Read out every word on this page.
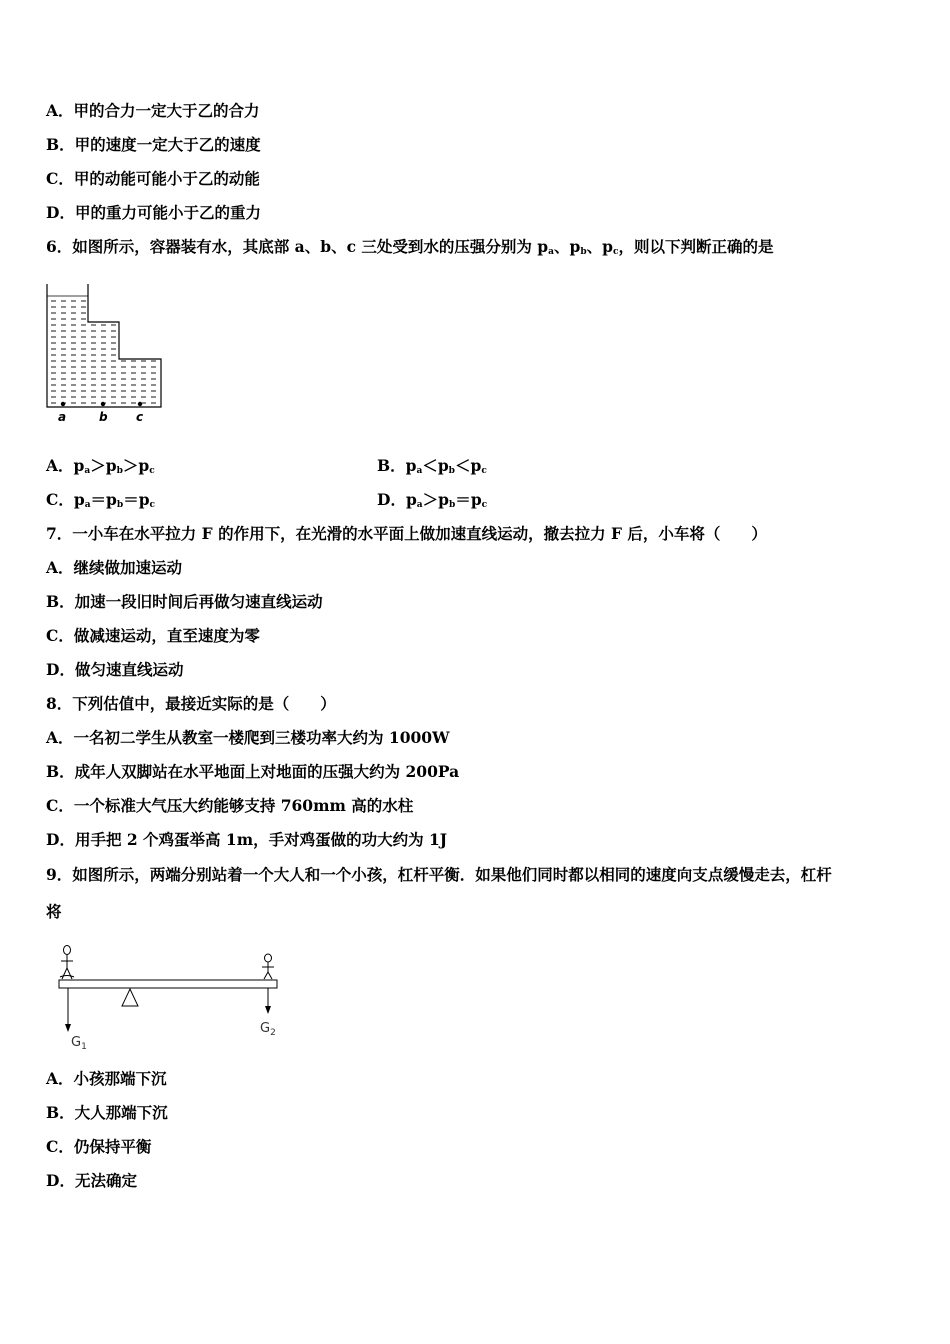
A．甲的合力一定大于乙的合力
B．甲的速度一定大于乙的速度
C．甲的动能可能小于乙的动能
D．甲的重力可能小于乙的重力
6．如图所示，容器装有水，其底部 a、b、c 三处受到水的压强分别为 $p_a$、$p_b$、$p_c$，则以下判断正确的是
a	b c
A．$p_a>p_b>p_c$	B．$p_a<p_b<p_c$
C．$p_a=p_b=p_c$	D．$p_a>p_b=p_c$
7．一小车在水平拉力 F 的作用下，在光滑的水平面上做加速直线运动，撤去拉力 F 后，小车将（　　）
A．继续做加速运动
B．加速一段旧时间后再做匀速直线运动
C．做减速运动，直至速度为零
D．做匀速直线运动
8．下列估值中，最接近实际的是（　　）
A．一名初二学生从教室一楼爬到三楼功率大约为 1000W
B．成年人双脚站在水平地面上对地面的压强大约为 200Pa
C．一个标准大气压大约能够支持 760mm 高的水柱
D．用手把 2 个鸡蛋举高 1m，手对鸡蛋做的功大约为 1J
9．如图所示，两端分别站着一个大人和一个小孩，杠杆平衡．如果他们同时都以相同的速度向支点缓慢走去，杠杆
将
$G_1$
$G_2$
A．小孩那端下沉
B．大人那端下沉
C．仍保持平衡
D．无法确定
